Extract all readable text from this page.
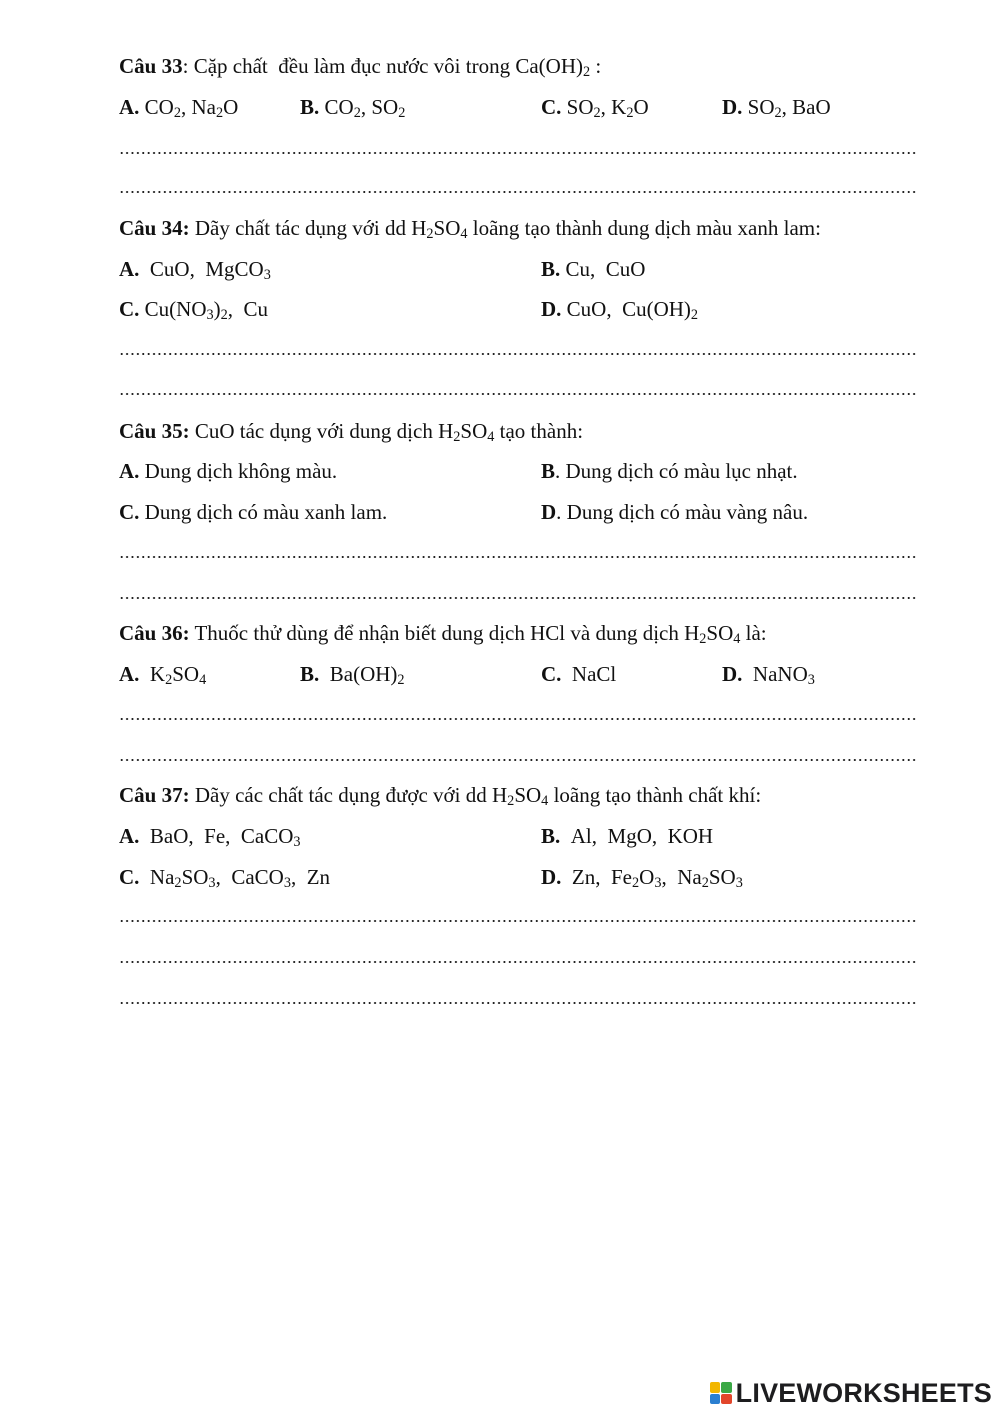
Câu 33: Cặp chất  đều làm đục nước vôi trong $Ca(OH)_2$ :
A. $CO_2$, $Na_2O$	B. $CO_2$, $SO_2$	C. $SO_2$, $K_2O$	D. $SO_2$, BaO
Câu 34: Dãy chất tác dụng với dd $H_2SO_4$ loãng tạo thành dung dịch màu xanh lam:
A.  CuO,  MgCO$_3$	B. Cu,  CuO
C. $Cu(NO_3)_2$,  Cu	D. CuO,  $Cu(OH)_2$
Câu 35: CuO tác dụng với dung dịch $H_2SO_4$ tạo thành:
A. Dung dịch không màu.	B. Dung dịch có màu lục nhạt.
C. Dung dịch có màu xanh lam.	D. Dung dịch có màu vàng nâu.
Câu 36: Thuốc thử dùng để nhận biết dung dịch HCl và dung dịch $H_2SO_4$ là:
A.  $K_2SO_4$	B.  $Ba(OH)_2$	C.  NaCl	D.  NaNO$_3$
Câu 37: Dãy các chất tác dụng được với dd $H_2SO_4$ loãng tạo thành chất khí:
A.  BaO,  Fe,  CaCO$_3$	B.  Al,  MgO,  KOH
C.  $Na_2SO_3$,  CaCO$_3$,  Zn	D.  Zn,  $Fe_2O_3$,  $Na_2SO_3$
LIVEWORKSHEETS
